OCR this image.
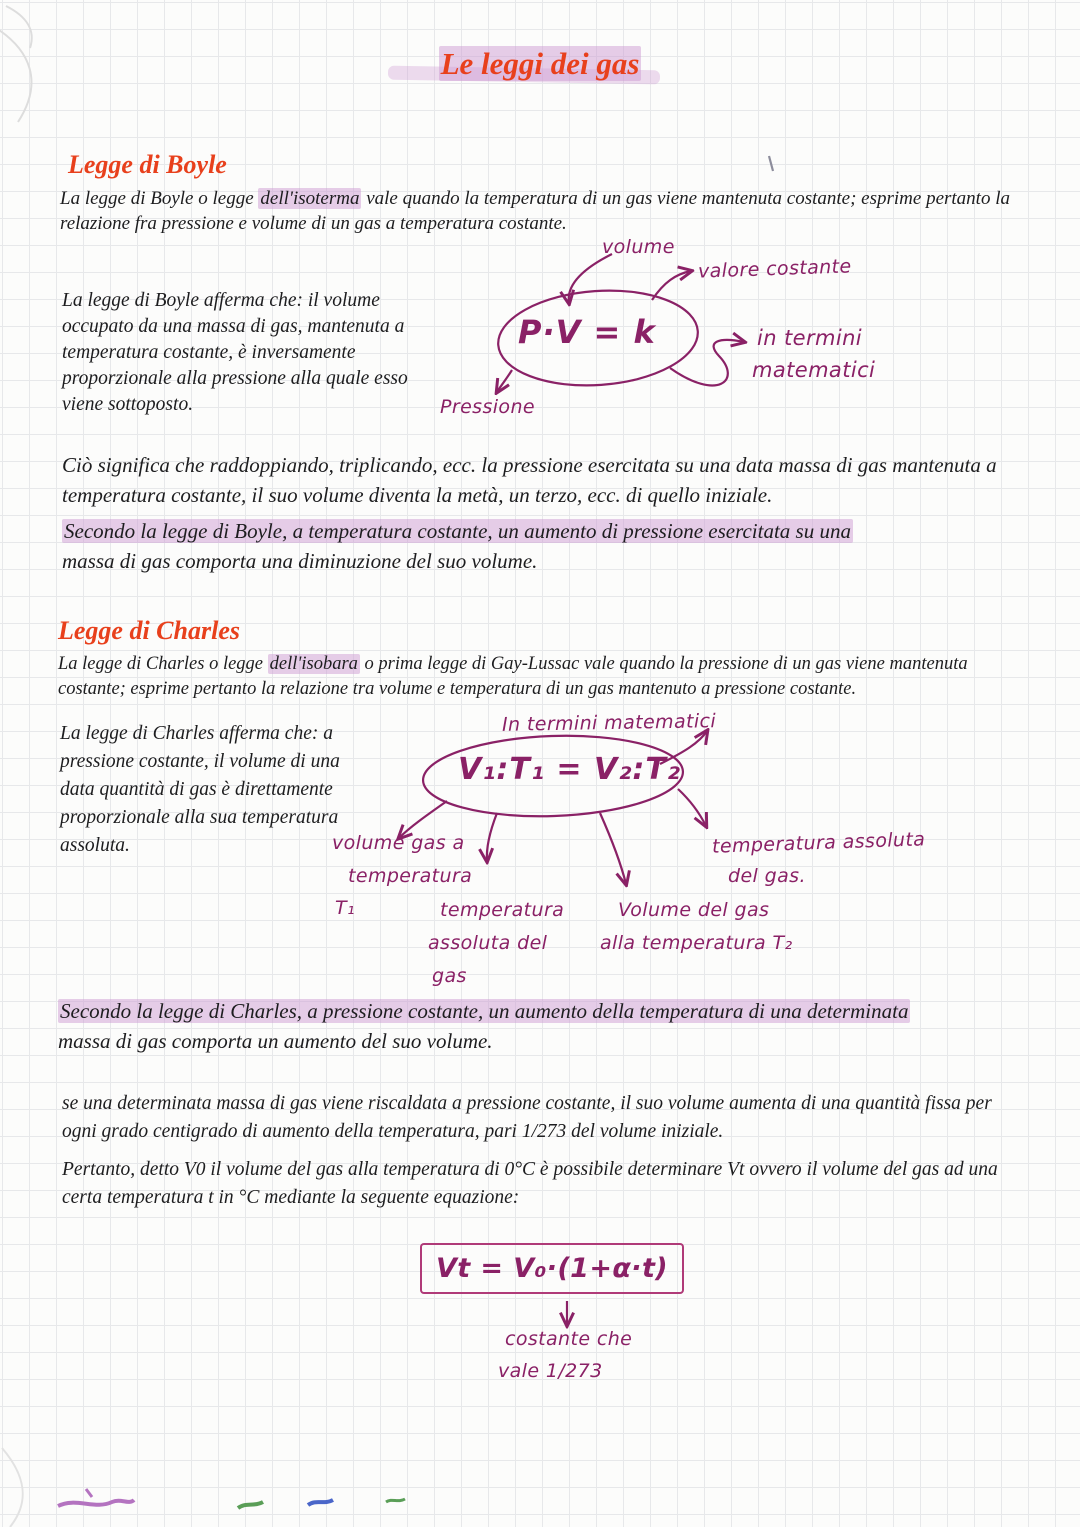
Le leggi dei gas
Legge di Boyle

La legge di Boyle o legge dell'isoterma vale quando la temperatura di un gas viene mantenuta costante; esprime pertanto la relazione fra pressione e volume di un gas a temperatura costante.

La legge di Boyle afferma che: il volume occupato da una massa di gas, mantenuta a temperatura costante, è inversamente proporzionale alla pressione alla quale esso viene sottoposto.

volume
valore costante
P·V = k
Pressione
in termini
matematici

Ciò significa che raddoppiando, triplicando, ecc. la pressione esercitata su una data massa di gas mantenuta a temperatura costante, il suo volume diventa la metà, un terzo, ecc. di quello iniziale.

Secondo la legge di Boyle, a temperatura costante, un aumento di pressione esercitata su una
massa di gas comporta una diminuzione del suo volume.

Legge di Charles

La legge di Charles o legge dell'isobara o prima legge di Gay-Lussac vale quando la pressione di un gas viene mantenuta costante; esprime pertanto la relazione tra volume e temperatura di un gas mantenuto a pressione costante.

La legge di Charles afferma che: a pressione costante, il volume di una data quantità di gas è direttamente proporzionale alla sua temperatura assoluta.

In termini matematici
V₁:T₁ = V₂:T₂
volume gas a
temperatura
T₁	temperatura
assoluta del
gas
Volume del gas
alla temperatura T₂
temperatura assoluta
del gas.

Secondo la legge di Charles, a pressione costante, un aumento della temperatura di una determinata
massa di gas comporta un aumento del suo volume.

se una determinata massa di gas viene riscaldata a pressione costante, il suo volume aumenta di una quantità fissa per ogni grado centigrado di aumento della temperatura, pari 1/273 del volume iniziale.

Pertanto, detto V0 il volume del gas alla temperatura di 0°C è possibile determinare Vt ovvero il volume del gas ad una certa temperatura t in °C mediante la seguente equazione:

Vt = V₀·(1+α·t)
costante che
vale 1/273
